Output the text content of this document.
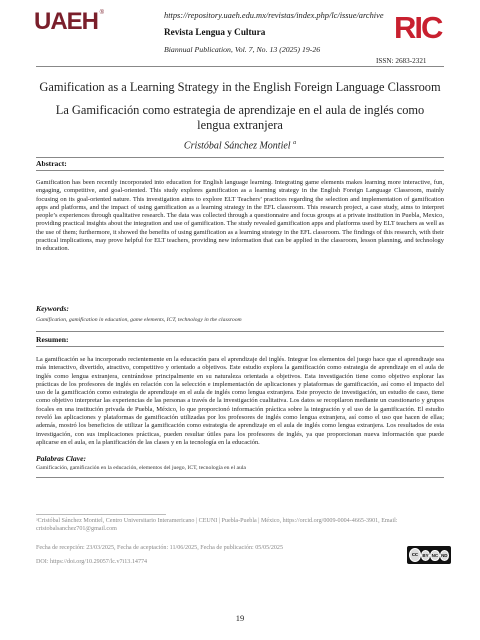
UAEH
®	https://repository.uaeh.edu.mx/revistas/index.php/lc/issue/archive
Revista Lengua y Cultura
Biannual Publication, Vol. 7, No. 13 (2025) 19-26
RIC
ISSN: 2683-2321
Gamification as a Learning Strategy in the English Foreign Language Classroom
La Gamificación como estrategia de aprendizaje en el aula de inglés como lengua extranjera
Cristóbal Sánchez Montiel $^a$
Abstract:
Gamification has been recently incorporated into education for English language learning. Integrating game elements makes learning more interactive, fun, engaging, competitive, and goal-oriented. This study explores gamification as a learning strategy in the English Foreign Language Classroom, mainly focusing on its goal-oriented nature. This investigation aims to explore ELT Teachers’ practices regarding the selection and implementation of gamification apps and platforms, and the impact of using gamification as a learning strategy in the EFL classroom. This research project, a case study, aims to interpret people’s experiences through qualitative research. The data was collected through a questionnaire and focus groups at a private institution in Puebla, Mexico, providing practical insights about the integration and use of gamification. The study revealed gamification apps and platforms used by ELT teachers as well as the use of them; furthermore, it showed the benefits of using gamification as a learning strategy in the EFL classroom. The findings of this research, with their practical implications, may prove helpful for ELT teachers, providing new information that can be applied in the classroom, lesson planning, and technology in education.
Keywords:
Gamification, gamification in education, game elements, ICT, technology in the classroom
Resumen:
La gamificación se ha incorporado recientemente en la educación para el aprendizaje del inglés. Integrar los elementos del juego hace que el aprendizaje sea más interactivo, divertido, atractivo, competitivo y orientado a objetivos. Este estudio explora la gamificación como estrategia de aprendizaje en el aula de inglés como lengua extranjera, centrándose principalmente en su naturaleza orientada a objetivos. Esta investigación tiene como objetivo explorar las prácticas de los profesores de inglés en relación con la selección e implementación de aplicaciones y plataformas de gamificación, así como el impacto del uso de la gamificación como estrategia de aprendizaje en el aula de inglés como lengua extranjera. Este proyecto de investigación, un estudio de caso, tiene como objetivo interpretar las experiencias de las personas a través de la investigación cualitativa. Los datos se recopilaron mediante un cuestionario y grupos focales en una institución privada de Puebla, México, lo que proporcionó información práctica sobre la integración y el uso de la gamificación. El estudio reveló las aplicaciones y plataformas de gamificación utilizadas por los profesores de inglés como lengua extranjera, así como el uso que hacen de ellas; además, mostró los beneficios de utilizar la gamificación como estrategia de aprendizaje en el aula de inglés como lengua extranjera. Los resultados de esta investigación, con sus implicaciones prácticas, pueden resultar útiles para los profesores de inglés, ya que proporcionan nueva información que puede aplicarse en el aula, en la planificación de las clases y en la tecnología en la educación.
Palabras Clave:
Gamificación, gamificación en la educación, elementos del juego, ICT, tecnología en el aula
ᵃCristóbal Sánchez Montiel, Centro Universitario Interamericano | CEUNI | Puebla-Puebla | México, https://orcid.org/0009-0004-4665-3901, Email: cristobalsanchez701@gmail.com
Fecha de recepción: 23/03/2025, Fecha de aceptación: 11/06/2025, Fecha de publicación: 05/05/2025
DOI: https://doi.org/10.29057/lc.v7i13.14774
cc BY NC ND
19
